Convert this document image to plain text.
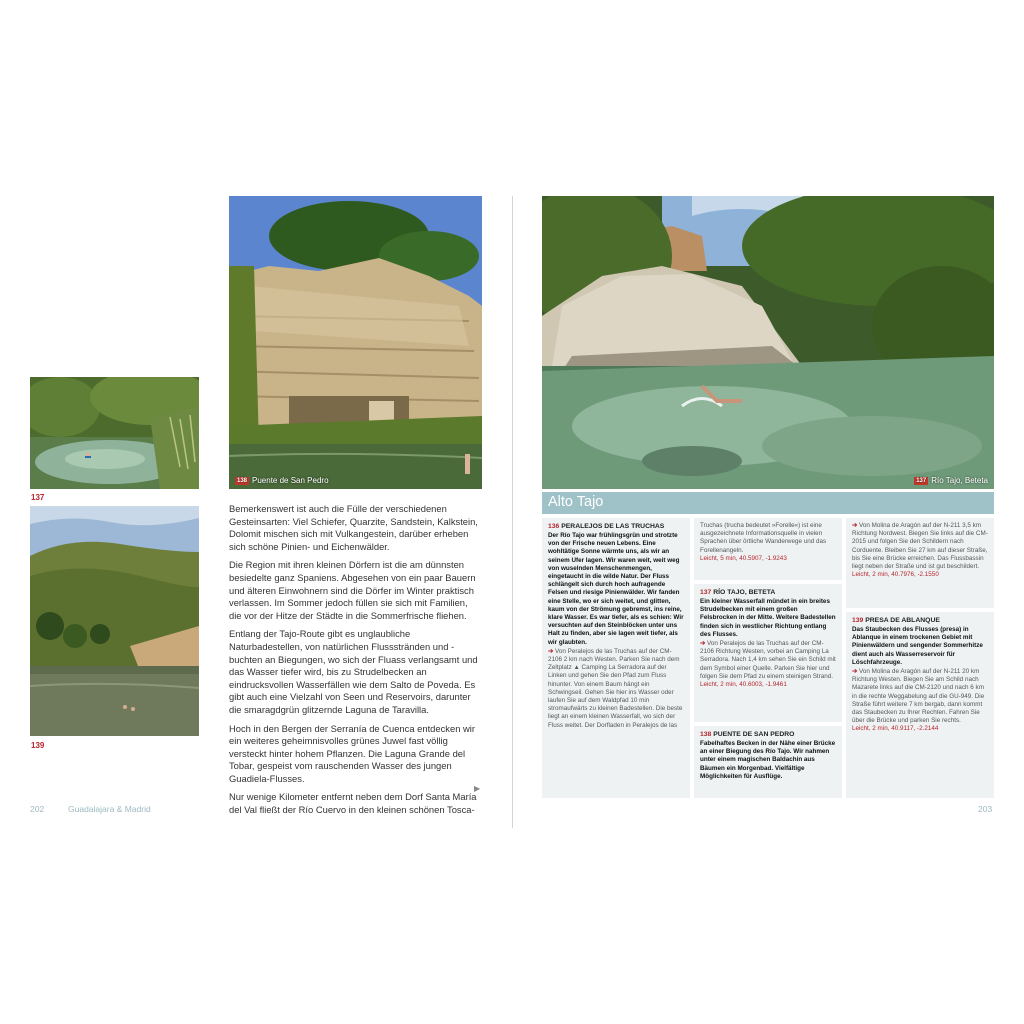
137
139
138 Puente de San Pedro

Bemerkenswert ist auch die Fülle der verschiedenen Gesteinsarten: Viel Schiefer, Quarzite, Sandstein, Kalkstein, Dolomit mischen sich mit Vulkangestein, darüber erheben sich schöne Pinien- und Eichenwälder.

Die Region mit ihren kleinen Dörfern ist die am dünnsten besiedelte ganz Spaniens. Abgesehen von ein paar Bauern und älteren Einwohnern sind die Dörfer im Winter praktisch verlassen. Im Sommer jedoch füllen sie sich mit Familien, die vor der Hitze der Städte in die Sommerfrische fliehen.

Entlang der Tajo-Route gibt es unglaubliche Naturbadestellen, von natürlichen Flussstränden und -buchten an Biegungen, wo sich der Fluass verlangsamt und das Wasser tiefer wird, bis zu Strudelbecken an eindrucksvollen Wasserfällen wie dem Salto de Poveda. Es gibt auch eine Vielzahl von Seen und Reservoirs, darunter die smaragdgrün glitzernde Laguna de Taravilla.

Hoch in den Bergen der Serranía de Cuenca entdecken wir ein weiteres geheimnisvolles grünes Juwel fast völlig versteckt hinter hohem Pflanzen. Die Laguna Grande del Tobar, gespeist vom rauschenden Wasser des jungen Guadiela-Flusses.

Nur wenige Kilometer entfernt neben dem Dorf Santa María del Val fließt der Río Cuervo in den kleinen schönen Tosca-

▶
202	Guadalajara & Madrid
137 Río Tajo, Beteta
Alto Tajo
136 PERALEJOS DE LAS TRUCHAS

Der Río Tajo war frühlingsgrün und strotzte von der Frische neuen Lebens. Eine wohltätige Sonne wärmte uns, als wir an seinem Ufer lagen. Wir waren weit, weit weg von wuselnden Menschenmengen, eingetaucht in die wilde Natur. Der Fluss schlängelt sich durch hoch aufragende Felsen und riesige Pinienwälder. Wir fanden eine Stelle, wo er sich weitet, und glitten, kaum von der Strömung gebremst, ins reine, klare Wasser. Es war tiefer, als es schien: Wir versuchten auf den Steinblöcken unter uns Halt zu finden, aber sie lagen weit tiefer, als wir glaubten.

➔ Von Peralejos de las Truchas auf der CM-2106 2 km nach Westen. Parken Sie nach dem Zeltplatz ▲ Camping La Serradora auf der Linken und gehen Sie den Pfad zum Fluss hinunter. Von einem Baum hängt ein Schwingseil. Gehen Sie hier ins Wasser oder laufen Sie auf dem Waldpfad 10 min stromaufwärts zu kleinen Badestellen. Die beste liegt an einem kleinen Wasserfall, wo sich der Fluss weitet. Der Dorfladen in Peralejos de las

Truchas (trucha bedeutet »Forelle«) ist eine ausgezeichnete Informationsquelle in vielen Sprachen über örtliche Wanderwege und das Forellenangeln.

Leicht, 5 min, 40.5907, -1.9243

137 RÍO TAJO, BETETA

Ein kleiner Wasserfall mündet in ein breites Strudelbecken mit einem großen Felsbrocken in der Mitte. Weitere Badestellen finden sich in westlicher Richtung entlang des Flusses.

➔ Von Peralejos de las Truchas auf der CM-2106 Richtung Westen, vorbei an Camping La Serradora. Nach 1,4 km sehen Sie ein Schild mit dem Symbol einer Quelle. Parken Sie hier und folgen Sie dem Pfad zu einem steinigen Strand.

Leicht, 2 min, 40.6003, -1.9461

138 PUENTE DE SAN PEDRO

Fabelhaftes Becken in der Nähe einer Brücke an einer Biegung des Río Tajo. Wir nahmen unter einem magischen Baldachin aus Bäumen ein Morgenbad. Vielfältige Möglichkeiten für Ausflüge.

➔ Von Molina de Aragón auf der N-211 3,5 km Richtung Nordwest. Biegen Sie links auf die CM-2015 und folgen Sie den Schildern nach Corduente. Bleiben Sie 27 km auf dieser Straße, bis Sie eine Brücke erreichen. Das Flussbassin liegt neben der Straße und ist gut beschildert.

Leicht, 2 min, 40.7976, -2.1550

139 PRESA DE ABLANQUE

Das Staubecken des Flusses (presa) in Ablanque in einem trockenen Gebiet mit Pinienwäldern und sengender Sommerhitze dient auch als Wasserreservoir für Löschfahrzeuge.

➔ Von Molina de Aragón auf der N-211 20 km Richtung Westen. Biegen Sie am Schild nach Mazarete links auf die CM-2120 und nach 6 km in die rechte Weggabelung auf die GU-949. Die Straße führt weitere 7 km bergab, dann kommt das Staubecken zu Ihrer Rechten. Fahren Sie über die Brücke und parken Sie rechts.

Leicht, 2 min, 40.9117, -2.2144

203
